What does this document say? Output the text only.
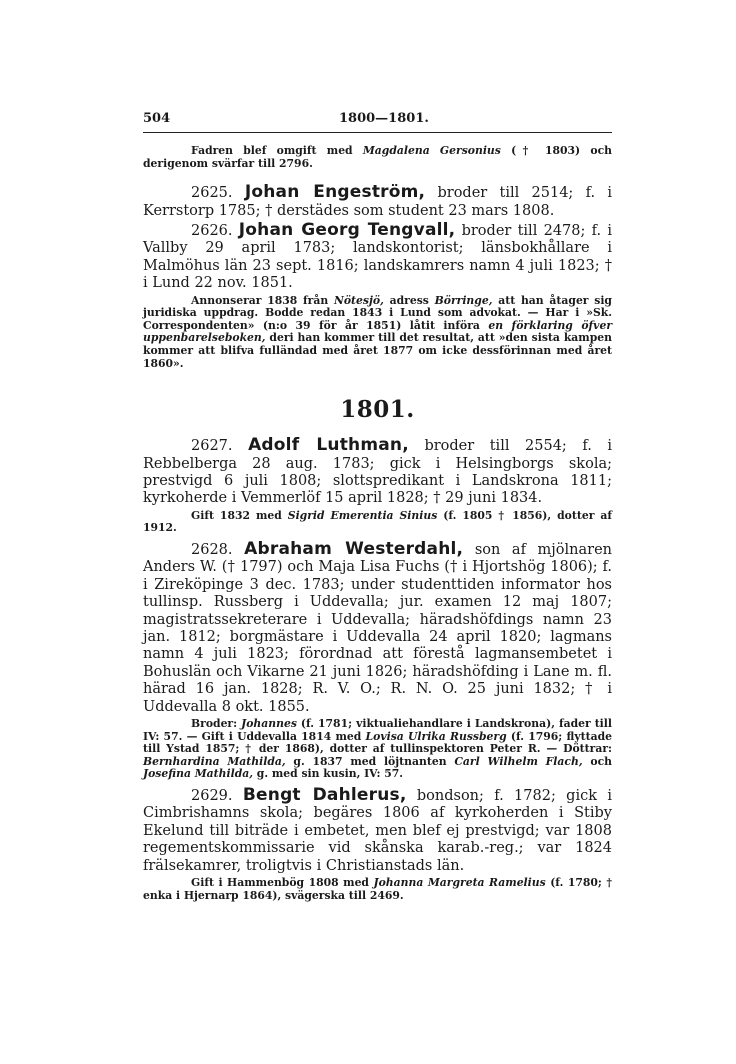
504	1800—1801.

Fadren blef omgift med Magdalena Gersonius († 1803) och derigenom svärfar till 2796.

2625. Johan Engeström, broder till 2514; f. i Kerrstorp 1785; † derstädes som student 23 mars 1808.

2626. Johan Georg Tengvall, broder till 2478; f. i Vallby 29 april 1783; landskontorist; länsbokhållare i Malmöhus län 23 sept. 1816; landskamrers namn 4 juli 1823; † i Lund 22 nov. 1851.

Annonserar 1838 från Nötesjö, adress Börringe, att han åtager sig juridiska uppdrag. Bodde redan 1843 i Lund som advokat. — Har i »Sk. Correspondenten» (n:o 39 för år 1851) låtit införa en förklaring öfver uppenbarelseboken, deri han kommer till det resultat, att »den sista kampen kommer att blifva fulländad med året 1877 om icke dessförinnan med året 1860».

1801.

2627. Adolf Luthman, broder till 2554; f. i Rebbelberga 28 aug. 1783; gick i Helsingborgs skola; prestvigd 6 juli 1808; slottspredikant i Landskrona 1811; kyrkoherde i Vemmerlöf 15 april 1828; † 29 juni 1834.

Gift 1832 med Sigrid Emerentia Sinius (f. 1805 † 1856), dotter af 1912.

2628. Abraham Westerdahl, son af mjölnaren Anders W. († 1797) och Maja Lisa Fuchs († i Hjortshög 1806); f. i Zireköpinge 3 dec. 1783; under studenttiden informator hos tullinsp. Russberg i Uddevalla; jur. examen 12 maj 1807; magistratssekreterare i Uddevalla; häradshöfdings namn 23 jan. 1812; borgmästare i Uddevalla 24 april 1820; lagmans namn 4 juli 1823; förordnad att förestå lagmansembetet i Bohuslän och Vikarne 21 juni 1826; häradshöfding i Lane m. fl. härad 16 jan. 1828; R. V. O.; R. N. O. 25 juni 1832; † i Uddevalla 8 okt. 1855.

Broder: Johannes (f. 1781; viktualiehandlare i Landskrona), fader till IV: 57. — Gift i Uddevalla 1814 med Lovisa Ulrika Russberg (f. 1796; flyttade till Ystad 1857; † der 1868), dotter af tullinspektoren Peter R. — Döttrar: Bernhardina Mathilda, g. 1837 med löjtnanten Carl Wilhelm Flach, och Josefina Mathilda, g. med sin kusin, IV: 57.

2629. Bengt Dahlerus, bondson; f. 1782; gick i Cimbrishamns skola; begäres 1806 af kyrkoherden i Stiby Ekelund till biträde i embetet, men blef ej prestvigd; var 1808 regementskommissarie vid skånska karab.-reg.; var 1824 frälsekamrer, troligtvis i Christianstads län.

Gift i Hammenbög 1808 med Johanna Margreta Ramelius (f. 1780; † enka i Hjernarp 1864), svägerska till 2469.
